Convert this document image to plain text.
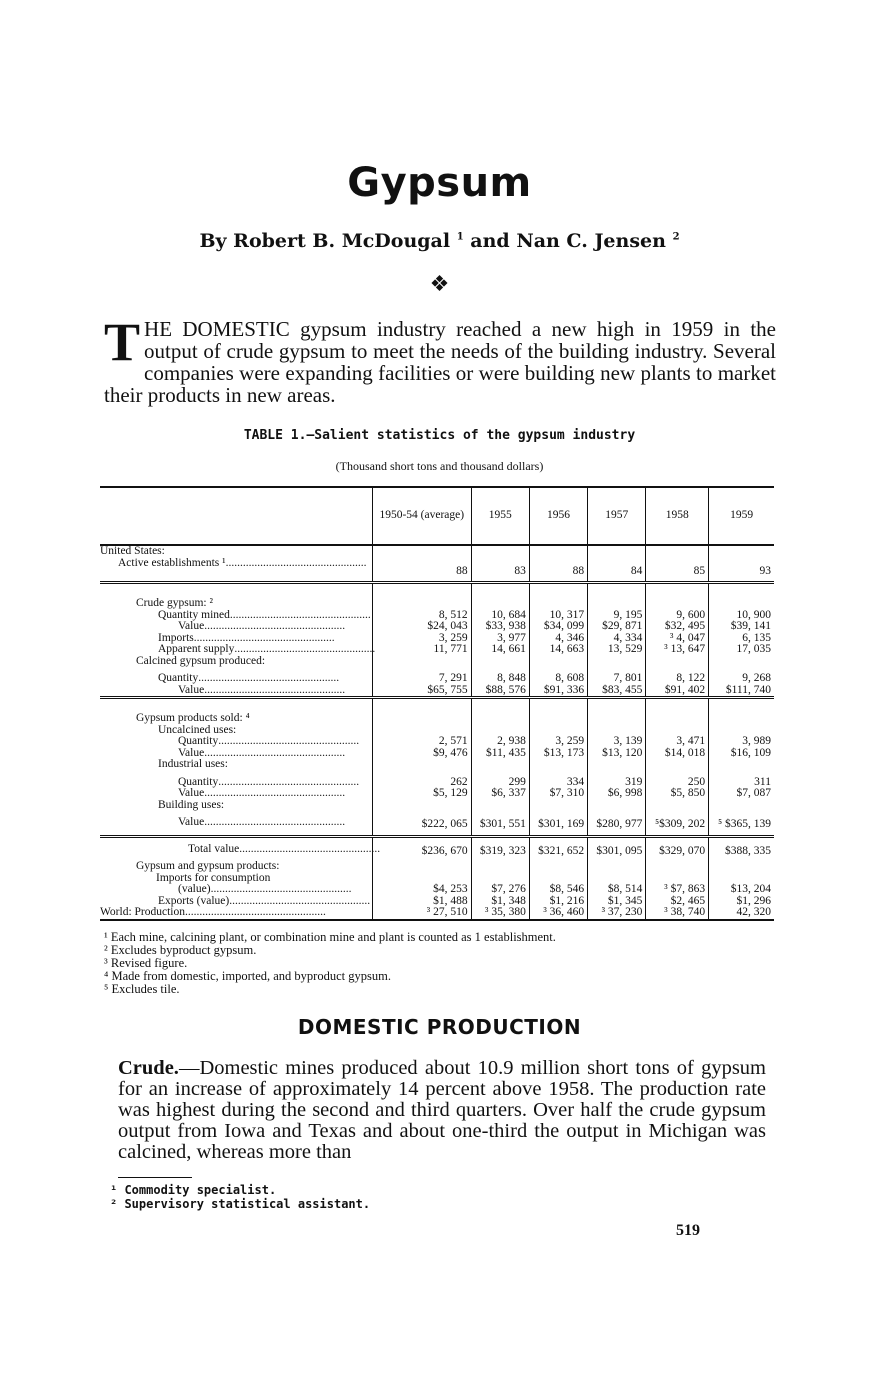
Gypsum
By Robert B. McDougal $^1$ and Nan C. Jensen $^2$
❖
T HE DOMESTIC gypsum industry reached a new high in 1959 in the output of crude gypsum to meet the needs of the building industry. Several companies were expanding facilities or were building new plants to market their products in new areas.
TABLE 1.—Salient statistics of the gypsum industry
(Thousand short tons and thousand dollars)
	1950-54 (average)	1955	1956	1957	1958	1959
United States:						
Active establishments ¹.................................................	88	83	88	84	85	93
Crude gypsum: ²						
Quantity mined.................................................	8, 512	10, 684	10, 317	9, 195	9, 600	10, 900
Value.................................................	$24, 043	$33, 938	$34, 099	$29, 871	$32, 495	$39, 141
Imports.................................................	3, 259	3, 977	4, 346	4, 334	³ 4, 047	6, 135
Apparent supply.................................................	11, 771	14, 661	14, 663	13, 529	³ 13, 647	17, 035
Calcined gypsum produced:						
Quantity.................................................	7, 291	8, 848	8, 608	7, 801	8, 122	9, 268
Value.................................................	$65, 755	$88, 576	$91, 336	$83, 455	$91, 402	$111, 740
Gypsum products sold: ⁴						
Uncalcined uses:						
Quantity.................................................	2, 571	2, 938	3, 259	3, 139	3, 471	3, 989
Value.................................................	$9, 476	$11, 435	$13, 173	$13, 120	$14, 018	$16, 109
Industrial uses:						
Quantity.................................................	262	299	334	319	250	311
Value.................................................	$5, 129	$6, 337	$7, 310	$6, 998	$5, 850	$7, 087
Building uses:						
Value.................................................	$222, 065	$301, 551	$301, 169	$280, 977	⁵$309, 202	⁵ $365, 139
Total value.................................................	$236, 670	$319, 323	$321, 652	$301, 095	$329, 070	$388, 335
Gypsum and gypsum products:						
Imports for consumption						
(value).................................................	$4, 253	$7, 276	$8, 546	$8, 514	³ $7, 863	$13, 204
Exports (value).................................................	$1, 488	$1, 348	$1, 216	$1, 345	$2, 465	$1, 296
World: Production.................................................	³ 27, 510	³ 35, 380	³ 36, 460	³ 37, 230	³ 38, 740	42, 320
¹ Each mine, calcining plant, or combination mine and plant is counted as 1 establishment.
² Excludes byproduct gypsum.
³ Revised figure.
⁴ Made from domestic, imported, and byproduct gypsum.
⁵ Excludes tile.
DOMESTIC PRODUCTION
Crude.—Domestic mines produced about 10.9 million short tons of gypsum for an increase of approximately 14 percent above 1958. The production rate was highest during the second and third quarters. Over half the crude gypsum output from Iowa and Texas and about one-third the output in Michigan was calcined, whereas more than
¹ Commodity specialist.
² Supervisory statistical assistant.
519
